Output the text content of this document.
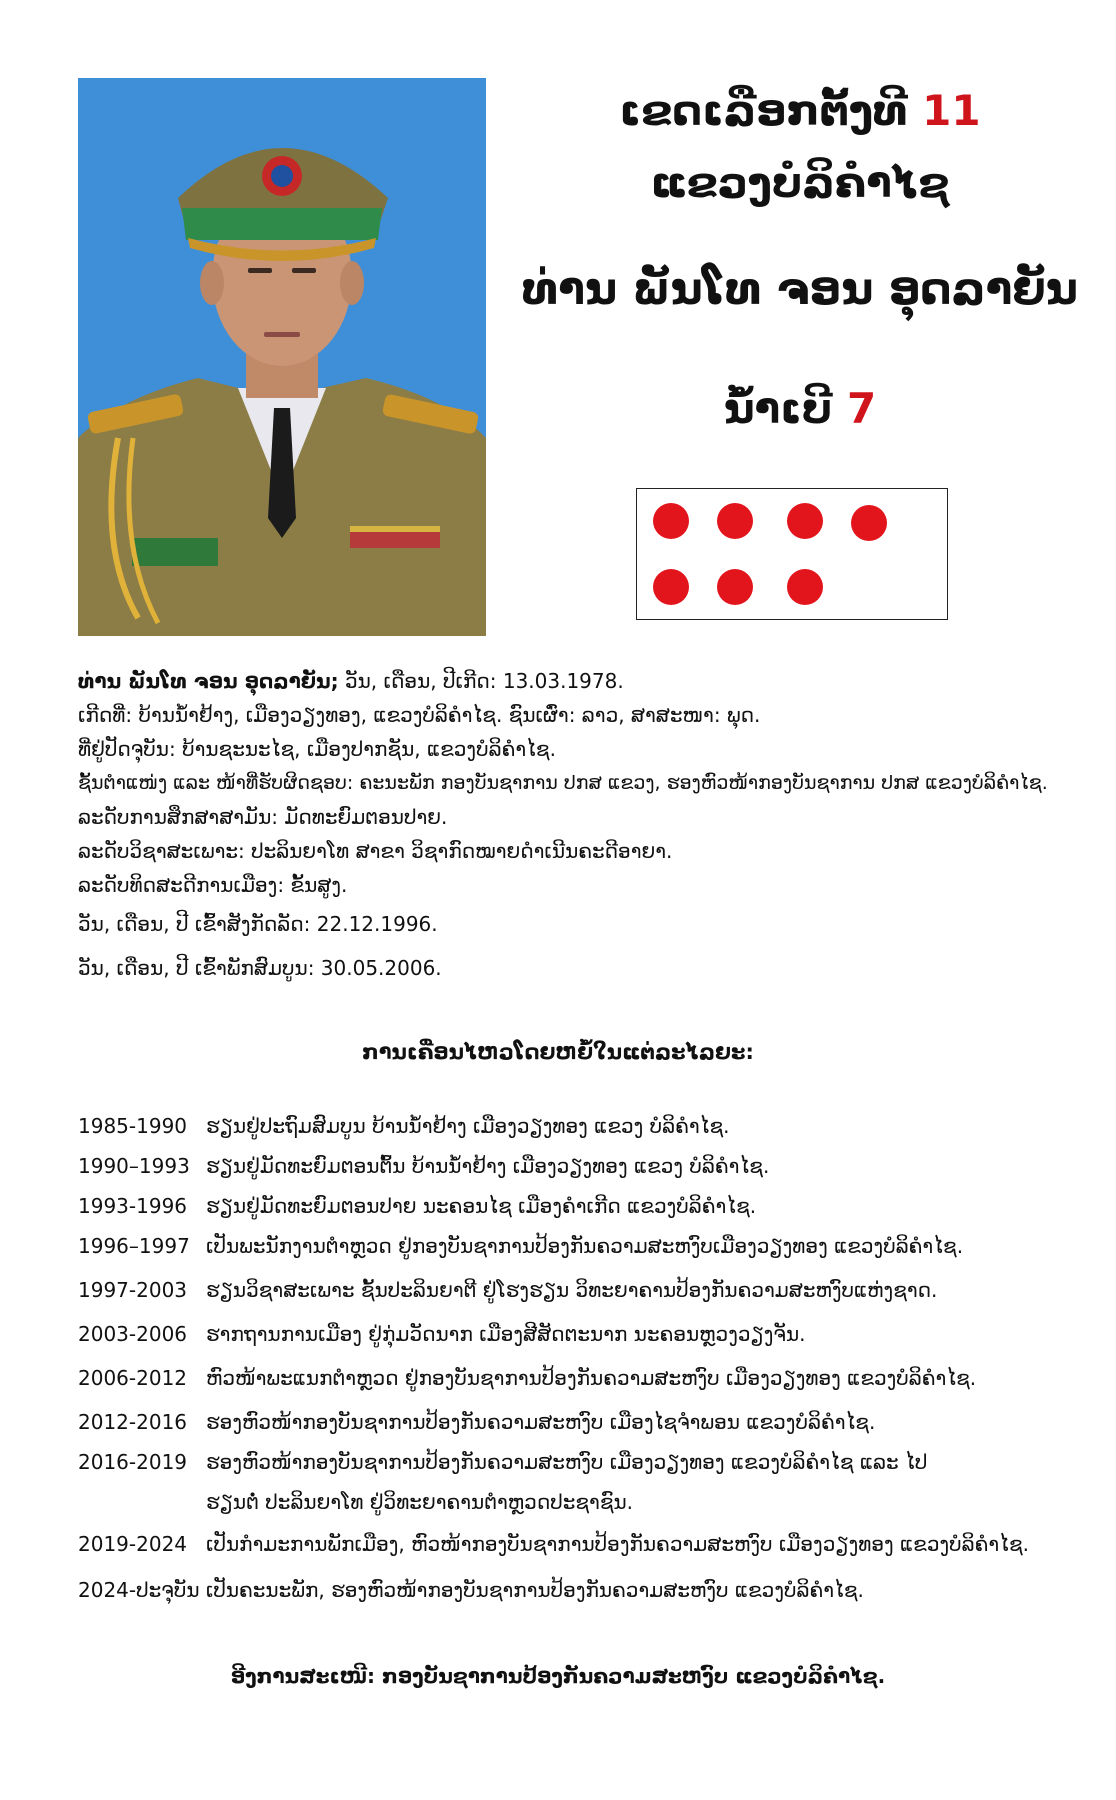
ເຂດເລືອກຕັ້ງທີ 11
ແຂວງບໍລິຄຳໄຊ
ທ່ານ ພັນໂທ ຈອນ ອຸດລາຍັນ
ນໍ້າເບີ 7
ທ່ານ ພັນໂທ ຈອນ ອຸດລາຍັນ; ວັນ, ເດືອນ, ປີເກີດ: 13.03.1978.
ເກີດທີ່: ບ້ານນໍ້າຢ້າງ, ເມືອງວຽງທອງ, ແຂວງບໍລິຄຳໄຊ. ຊົນເຜົ່າ: ລາວ, ສາສະໜາ: ພຸດ.
ທີ່ຢູ່ປັດຈຸບັນ: ບ້ານຊະນະໄຊ, ເມືອງປາກຊັນ, ແຂວງບໍລິຄຳໄຊ.
ຊັ້ນຕຳແໜ່ງ ແລະ ໜ້າທີ່ຮັບຜິດຊອບ: ຄະນະພັກ ກອງບັນຊາການ ປກສ ແຂວງ, ຮອງຫົວໜ້າກອງບັນຊາການ ປກສ ແຂວງບໍລິຄຳໄຊ.
ລະດັບການສຶກສາສາມັນ: ມັດທະຍົມຕອນປາຍ.
ລະດັບວິຊາສະເພາະ: ປະລິນຍາໂທ ສາຂາ ວິຊາກົດໝາຍດຳເນີນຄະດີອາຍາ.
ລະດັບທິດສະດີການເມືອງ: ຂັ້ນສູງ.
ວັນ, ເດືອນ, ປີ ເຂົ້າສັງກັດລັດ: 22.12.1996.
ວັນ, ເດືອນ, ປີ ເຂົ້າພັກສົມບູນ: 30.05.2006.
ການເຄື່ອນໄຫວໂດຍຫຍໍ້ໃນແຕ່ລະໄລຍະ:
1985-1990 ຮຽນຢູ່ປະຖົມສົມບູນ ບ້ານນໍ້າຢ້າງ ເມືອງວຽງທອງ ແຂວງ ບໍລິຄຳໄຊ.
1990–1993 ຮຽນຢູ່ມັດທະຍົມຕອນຕົ້ນ ບ້ານນໍ້າຢ້າງ ເມືອງວຽງທອງ ແຂວງ ບໍລິຄຳໄຊ.
1993-1996 ຮຽນຢູ່ມັດທະຍົມຕອນປາຍ ນະຄອນໄຊ ເມືອງຄຳເກີດ ແຂວງບໍລິຄຳໄຊ.
1996–1997 ເປັນພະນັກງານຕຳຫຼວດ ຢູ່ກອງບັນຊາການປ້ອງກັນຄວາມສະຫງົບເມືອງວຽງທອງ ແຂວງບໍລິຄຳໄຊ.
1997-2003 ຮຽນວິຊາສະເພາະ ຊັ້ນປະລິນຍາຕີ ຢູ່ໂຮງຮຽນ ວິທະຍາຄານປ້ອງກັນຄວາມສະຫງົບແຫ່ງຊາດ.
2003-2006 ຮາກຖານການເມືອງ ຢູ່ກຸ່ມວັດນາກ ເມືອງສີສັດຕະນາກ ນະຄອນຫຼວງວຽງຈັນ.
2006-2012 ຫົວໜ້າພະແນກຕຳຫຼວດ ຢູ່ກອງບັນຊາການປ້ອງກັນຄວາມສະຫງົບ ເມືອງວຽງທອງ ແຂວງບໍລິຄຳໄຊ.
2012-2016 ຮອງຫົວໜ້າກອງບັນຊາການປ້ອງກັນຄວາມສະຫງົບ ເມືອງໄຊຈຳພອນ ແຂວງບໍລິຄຳໄຊ.
2016-2019 ຮອງຫົວໜ້າກອງບັນຊາການປ້ອງກັນຄວາມສະຫງົບ ເມືອງວຽງທອງ ແຂວງບໍລິຄຳໄຊ ແລະ ໄປຮຽນຕໍ່ ປະລິນຍາໂທ ຢູ່ວິທະຍາຄານຕຳຫຼວດປະຊາຊົນ.
2019-2024 ເປັນກຳມະການພັກເມືອງ, ຫົວໜ້າກອງບັນຊາການປ້ອງກັນຄວາມສະຫງົບ ເມືອງວຽງທອງ ແຂວງບໍລິຄຳໄຊ.
2024-ປະຈຸບັນ ເປັນຄະນະພັກ, ຮອງຫົວໜ້າກອງບັນຊາການປ້ອງກັນຄວາມສະຫງົບ ແຂວງບໍລິຄຳໄຊ.
ອີງການສະເໜີ: ກອງບັນຊາການປ້ອງກັນຄວາມສະຫງົບ ແຂວງບໍລິຄຳໄຊ.
